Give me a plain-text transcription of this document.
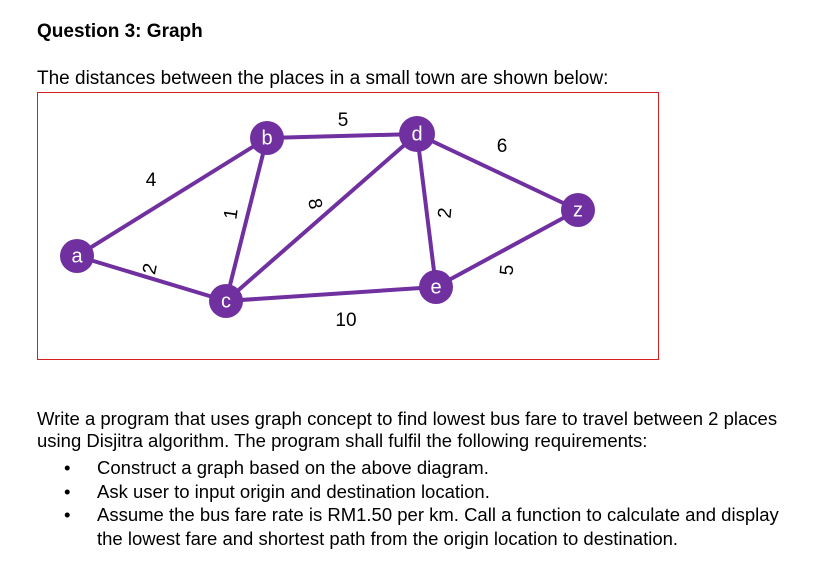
Question 3: Graph
The distances between the places in a small town are shown below:
4
2
1
5
8
10
2
6
5
a
b
c
d
e
z
Write a program that uses graph concept to find lowest bus fare to travel between 2 places using Disjitra algorithm. The program shall fulfil the following requirements:
• Construct a graph based on the above diagram.
• Ask user to input origin and destination location.
• Assume the bus fare rate is RM1.50 per km. Call a function to calculate and display the lowest fare and shortest path from the origin location to destination.
